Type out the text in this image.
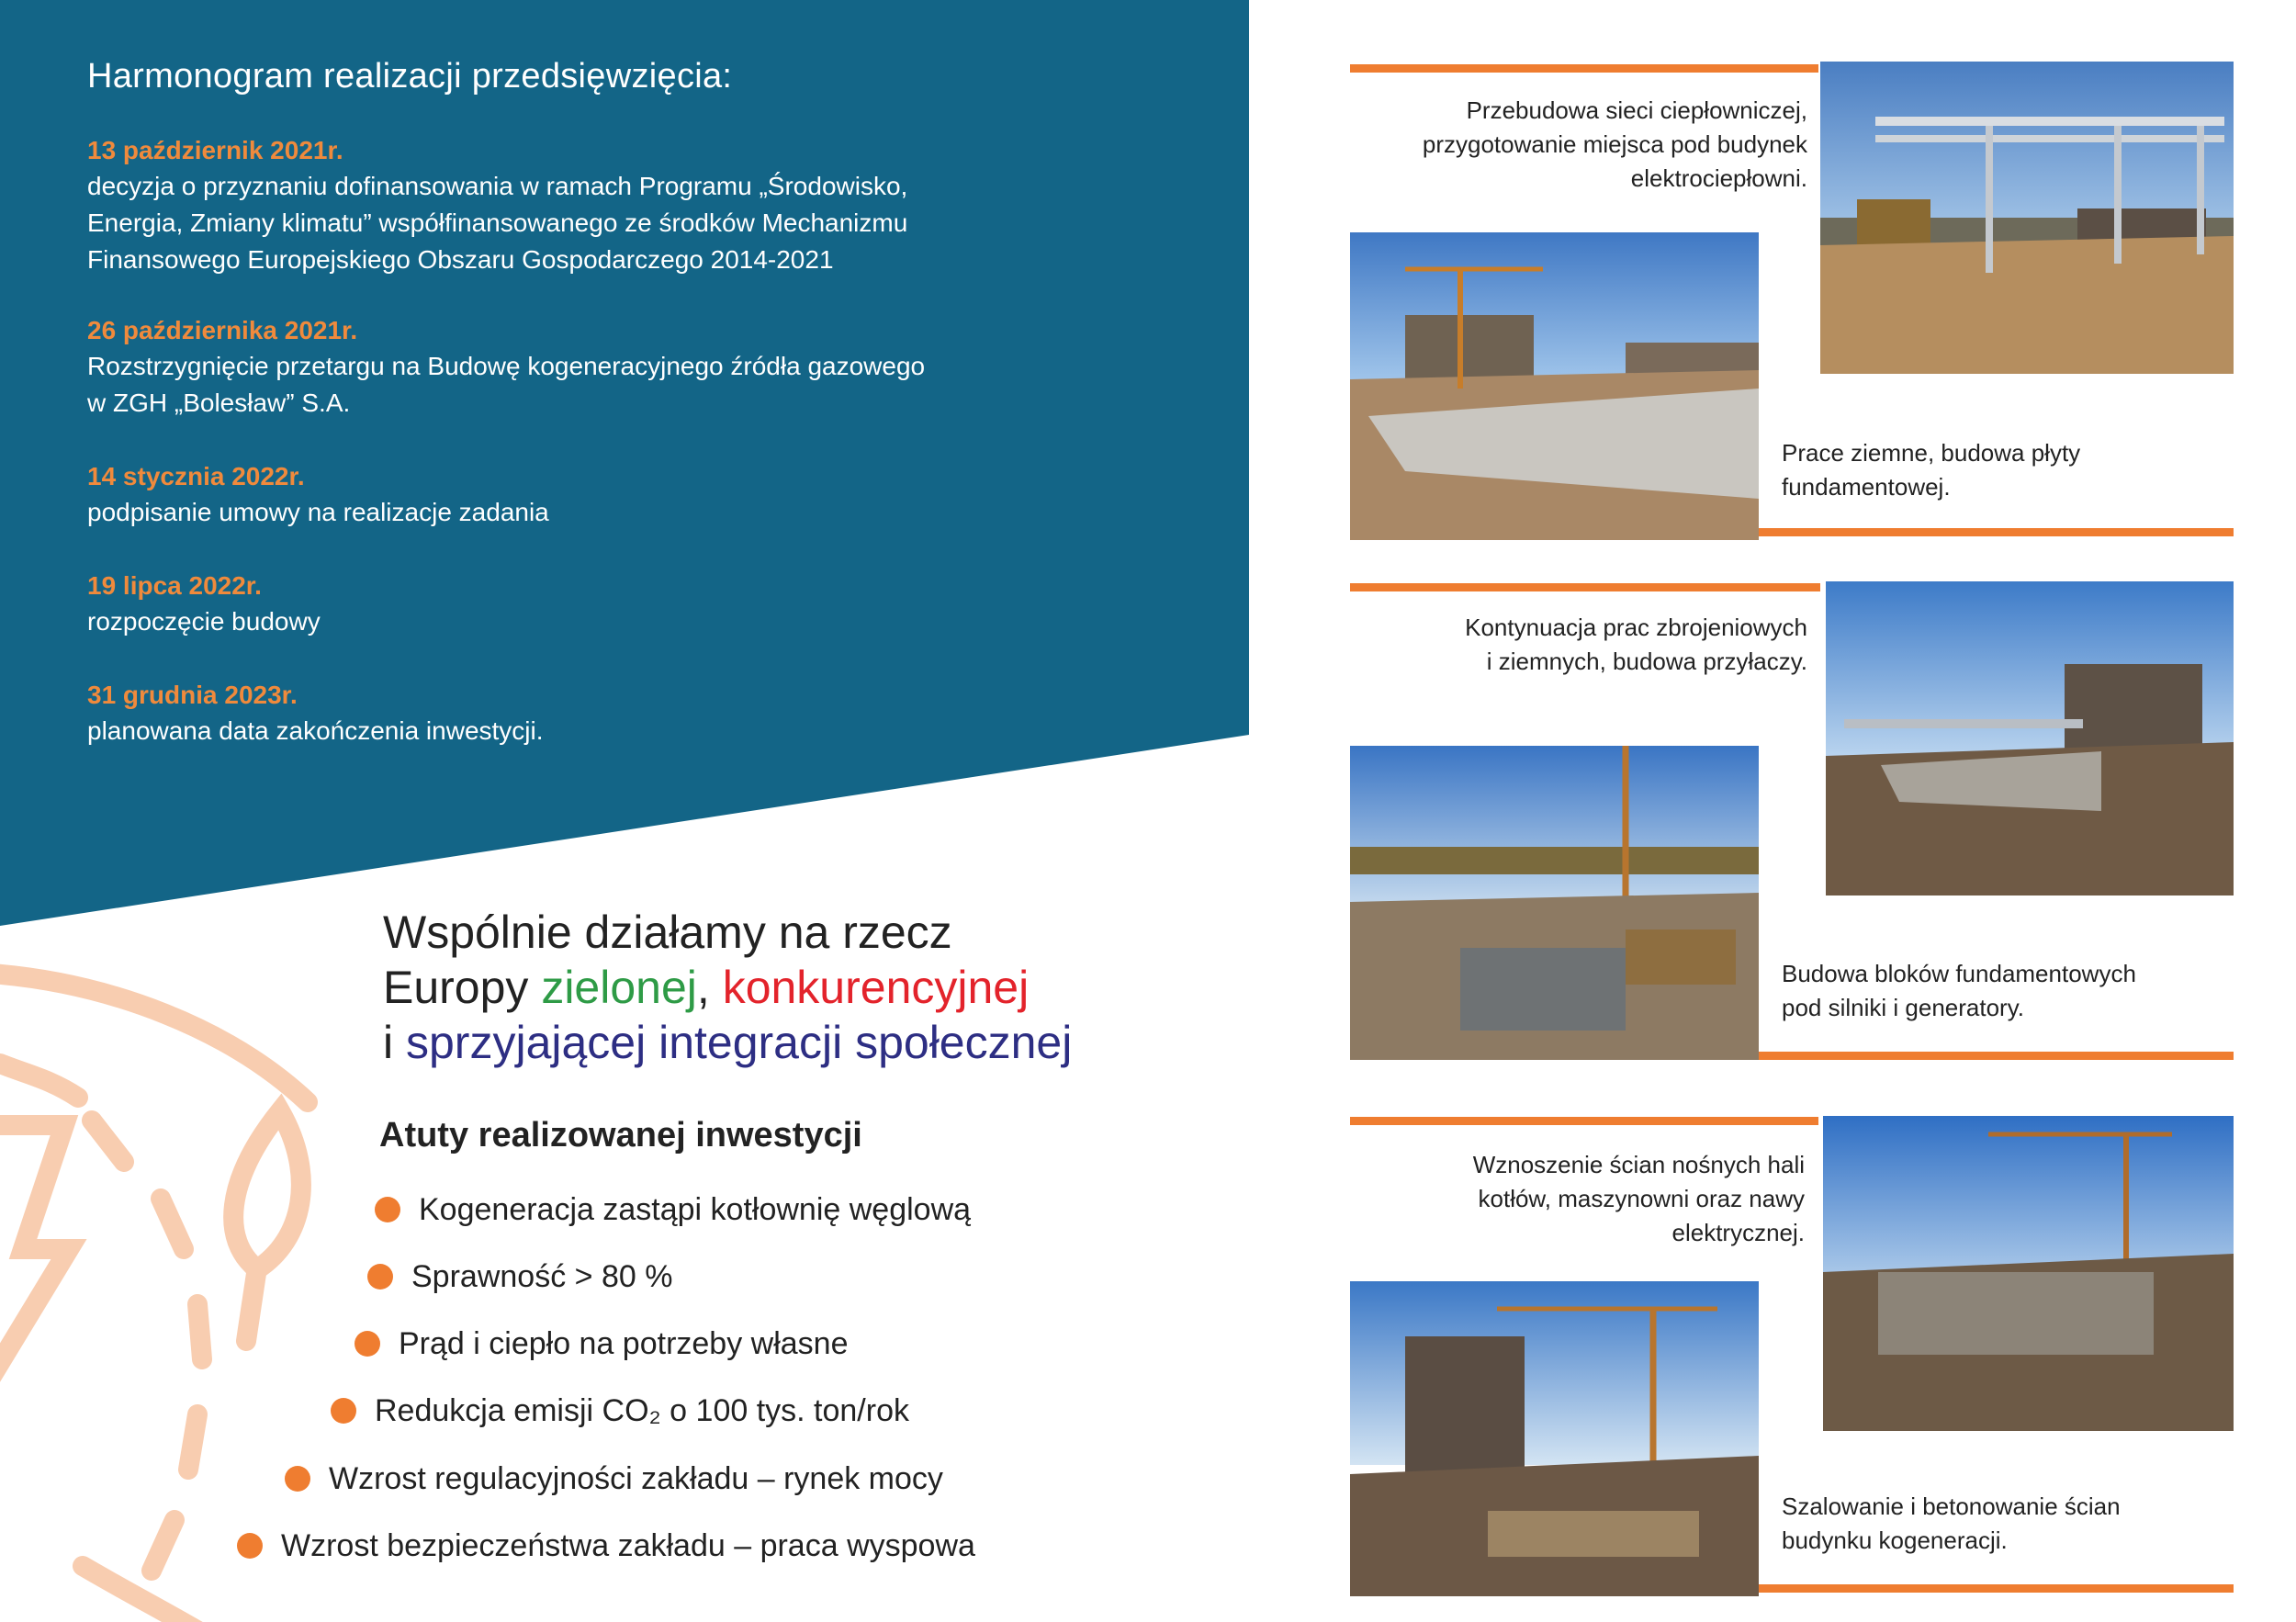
Harmonogram realizacji przedsięwzięcia:
13 październik 2021r.
decyzja o przyznaniu dofinansowania w ramach Programu „Środowisko,
Energia, Zmiany klimatu” współfinansowanego ze środków Mechanizmu
Finansowego Europejskiego Obszaru Gospodarczego 2014-2021
26 października 2021r.
Rozstrzygnięcie przetargu na Budowę kogeneracyjnego źródła gazowego
w ZGH „Bolesław” S.A.
14 stycznia 2022r.
podpisanie umowy na realizacje zadania
19 lipca 2022r.
rozpoczęcie budowy
31 grudnia 2023r.
planowana data zakończenia inwestycji.
Wspólnie działamy na rzecz
Europy zielonej, konkurencyjnej
i sprzyjającej integracji społecznej
Atuty realizowanej inwestycji
Kogeneracja zastąpi kotłownię węglową
Sprawność > 80 %
Prąd i ciepło na potrzeby własne
Redukcja emisji CO₂ o 100 tys. ton/rok
Wzrost regulacyjności zakładu – rynek mocy
Wzrost bezpieczeństwa zakładu – praca wyspowa
Przebudowa sieci ciepłowniczej,
przygotowanie miejsca pod budynek
elektrociepłowni.
Prace ziemne, budowa płyty
fundamentowej.
Kontynuacja prac zbrojeniowych
i ziemnych, budowa przyłaczy.
Budowa bloków fundamentowych
pod silniki i generatory.
Wznoszenie ścian nośnych hali
kotłów, maszynowni oraz nawy
elektrycznej.
Szalowanie i betonowanie ścian
budynku kogeneracji.
